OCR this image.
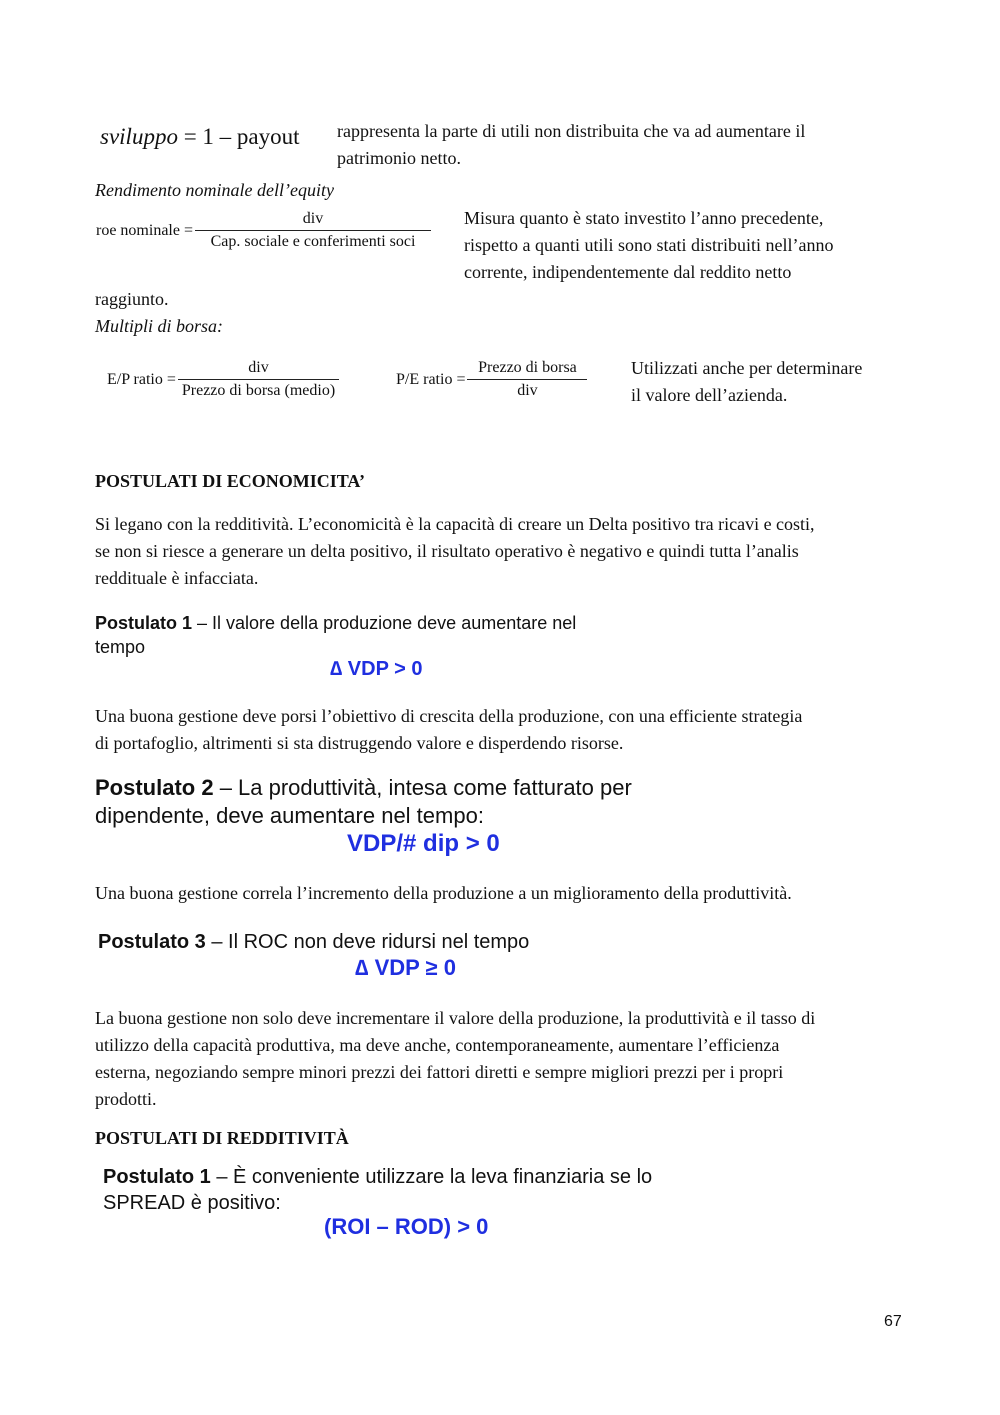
sviluppo = 1 – payout rappresenta la parte di utili non distribuita che va ad aumentare il
patrimonio netto.
Rendimento nominale dell’equity
roe nominale = $\frac{\text{div}}{\text{Cap. sociale e conferimenti soci}}$ Misura quanto è stato investito l’anno precedente,
rispetto a quanti utili sono stati distribuiti nell’anno
corrente, indipendentemente dal reddito netto
raggiunto.
Multipli di borsa:
E/P ratio = $\frac{\text{div}}{\text{Prezzo di borsa (medio)}}$	P/E ratio = $\frac{\text{Prezzo di borsa}}{\text{div}}$ Utilizzati anche per determinare
il valore dell’azienda.
POSTULATI DI ECONOMICITA’
Si legano con la redditività. L’economicità è la capacità di creare un Delta positivo tra ricavi e costi,
se non si riesce a generare un delta positivo, il risultato operativo è negativo e quindi tutta l’analis
reddituale è infacciata.
Postulato 1 – Il valore della produzione deve aumentare nel
tempo
∆ VDP > 0
Una buona gestione deve porsi l’obiettivo di crescita della produzione, con una efficiente strategia
di portafoglio, altrimenti si sta distruggendo valore e disperdendo risorse.
Postulato 2 – La produttività, intesa come fatturato per
dipendente, deve aumentare nel tempo:
VDP/# dip > 0
Una buona gestione correla l’incremento della produzione a un miglioramento della produttività.
Postulato 3 – Il ROC non deve ridursi nel tempo
∆ VDP ≥ 0
La buona gestione non solo deve incrementare il valore della produzione, la produttività e il tasso di
utilizzo della capacità produttiva, ma deve anche, contemporaneamente, aumentare l’efficienza
esterna, negoziando sempre minori prezzi dei fattori diretti e sempre migliori prezzi per i propri
prodotti.
POSTULATI DI REDDITIVITÀ
Postulato 1 – È conveniente utilizzare la leva finanziaria se lo
SPREAD è positivo:
(ROI – ROD) > 0
67
